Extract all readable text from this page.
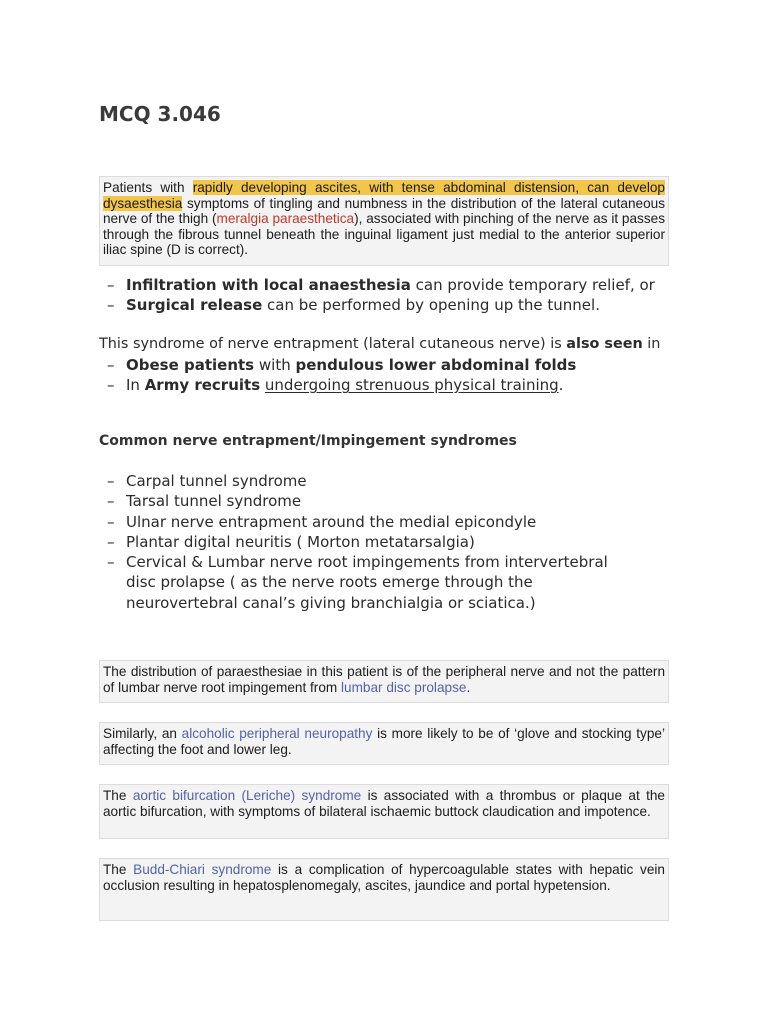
MCQ 3.046
Patients with rapidly developing ascites, with tense abdominal distension, can develop dysaesthesia symptoms of tingling and numbness in the distribution of the lateral cutaneous nerve of the thigh (meralgia paraesthetica), associated with pinching of the nerve as it passes through the fibrous tunnel beneath the inguinal ligament just medial to the anterior superior iliac spine (D is correct).
– Infiltration with local anaesthesia can provide temporary relief, or
– Surgical release can be performed by opening up the tunnel.
This syndrome of nerve entrapment (lateral cutaneous nerve) is also seen in
– Obese patients with pendulous lower abdominal folds
– In Army recruits undergoing strenuous physical training.
Common nerve entrapment/Impingement syndromes
– Carpal tunnel syndrome
– Tarsal tunnel syndrome
– Ulnar nerve entrapment around the medial epicondyle
– Plantar digital neuritis ( Morton metatarsalgia)
– Cervical & Lumbar nerve root impingements from intervertebral disc prolapse ( as the nerve roots emerge through the neurovertebral canal’s giving branchialgia or sciatica.)
The distribution of paraesthesiae in this patient is of the peripheral nerve and not the pattern of lumbar nerve root impingement from lumbar disc prolapse.
Similarly, an alcoholic peripheral neuropathy is more likely to be of ‘glove and stocking type’ affecting the foot and lower leg.
The aortic bifurcation (Leriche) syndrome is associated with a thrombus or plaque at the aortic bifurcation, with symptoms of bilateral ischaemic buttock claudication and impotence.
The Budd-Chiari syndrome is a complication of hypercoagulable states with hepatic vein occlusion resulting in hepatosplenomegaly, ascites, jaundice and portal hypetension.
